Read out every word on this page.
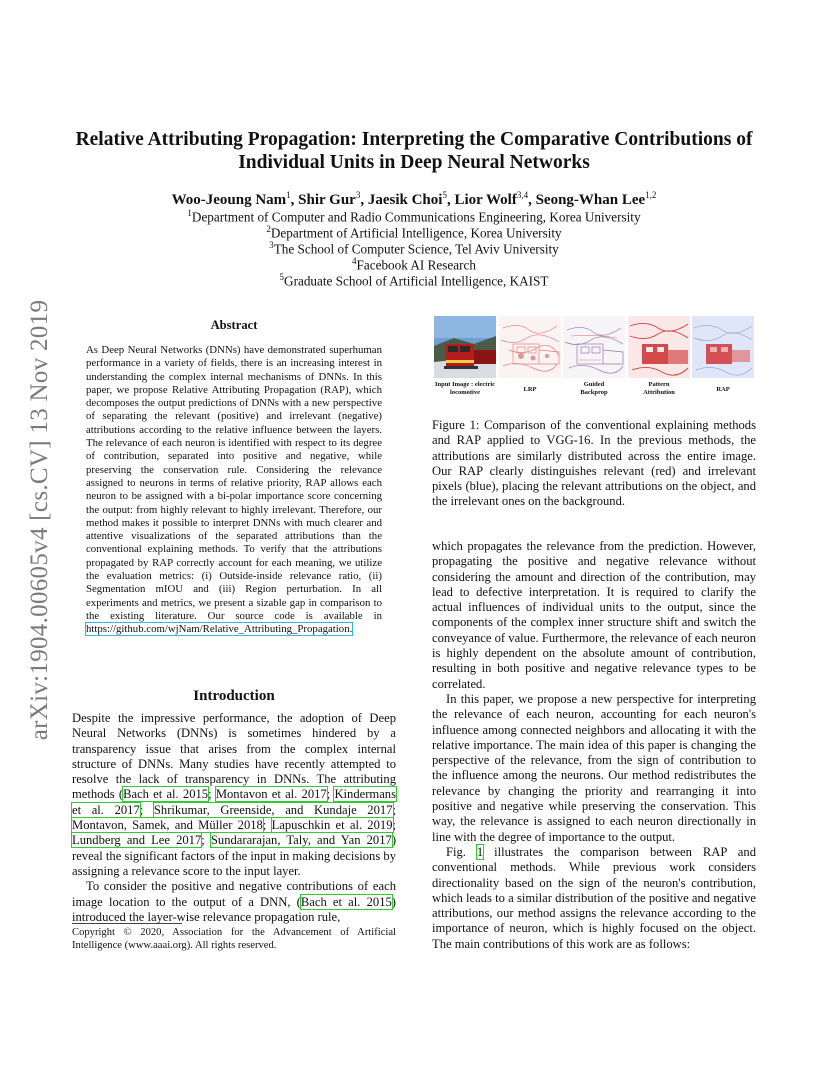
arXiv:1904.00605v4 [cs.CV] 13 Nov 2019
Relative Attributing Propagation: Interpreting the Comparative Contributions of Individual Units in Deep Neural Networks
Woo-Jeoung Nam$^1$, Shir Gur$^3$, Jaesik Choi$^5$, Lior Wolf$^{3,4}$, Seong-Whan Lee$^{1,2}$
$^1$Department of Computer and Radio Communications Engineering, Korea University
$^2$Department of Artificial Intelligence, Korea University
$^3$The School of Computer Science, Tel Aviv University
$^4$Facebook AI Research
$^5$Graduate School of Artificial Intelligence, KAIST
Abstract
As Deep Neural Networks (DNNs) have demonstrated superhuman performance in a variety of fields, there is an increasing interest in understanding the complex internal mechanisms of DNNs. In this paper, we propose Relative Attributing Propagation (RAP), which decomposes the output predictions of DNNs with a new perspective of separating the relevant (positive) and irrelevant (negative) attributions according to the relative influence between the layers. The relevance of each neuron is identified with respect to its degree of contribution, separated into positive and negative, while preserving the conservation rule. Considering the relevance assigned to neurons in terms of relative priority, RAP allows each neuron to be assigned with a bi-polar importance score concerning the output: from highly relevant to highly irrelevant. Therefore, our method makes it possible to interpret DNNs with much clearer and attentive visualizations of the separated attributions than the conventional explaining methods. To verify that the attributions propagated by RAP correctly account for each meaning, we utilize the evaluation metrics: (i) Outside-inside relevance ratio, (ii) Segmentation mIOU and (iii) Region perturbation. In all experiments and metrics, we present a sizable gap in comparison to the existing literature. Our source code is available in https://github.com/wjNam/Relative_Attributing_Propagation.
Introduction

Despite the impressive performance, the adoption of Deep Neural Networks (DNNs) is sometimes hindered by a transparency issue that arises from the complex internal structure of DNNs. Many studies have recently attempted to resolve the lack of transparency in DNNs. The attributing methods (Bach et al. 2015; Montavon et al. 2017; Kindermans et al. 2017; Shrikumar, Greenside, and Kundaje 2017; Montavon, Samek, and Müller 2018; Lapuschkin et al. 2019; Lundberg and Lee 2017; Sundararajan, Taly, and Yan 2017) reveal the significant factors of the input in making decisions by assigning a relevance score to the input layer.

To consider the positive and negative contributions of each image location to the output of a DNN, (Bach et al. 2015) introduced the layer-wise relevance propagation rule,

Copyright © 2020, Association for the Advancement of Artificial Intelligence (www.aaai.org). All rights reserved.
Input Image : electric locomotive	LRP
Guided Backprop
Pattern Attribution	RAP
Figure 1: Comparison of the conventional explaining methods and RAP applied to VGG-16. In the previous methods, the attributions are similarly distributed across the entire image. Our RAP clearly distinguishes relevant (red) and irrelevant pixels (blue), placing the relevant attributions on the object, and the irrelevant ones on the background.

which propagates the relevance from the prediction. However, propagating the positive and negative relevance without considering the amount and direction of the contribution, may lead to defective interpretation. It is required to clarify the actual influences of individual units to the output, since the components of the complex inner structure shift and switch the conveyance of value. Furthermore, the relevance of each neuron is highly dependent on the absolute amount of contribution, resulting in both positive and negative relevance types to be correlated.

In this paper, we propose a new perspective for interpreting the relevance of each neuron, accounting for each neuron's influence among connected neighbors and allocating it with the relative importance. The main idea of this paper is changing the perspective of the relevance, from the sign of contribution to the influence among the neurons. Our method redistributes the relevance by changing the priority and rearranging it into positive and negative while preserving the conservation. This way, the relevance is assigned to each neuron directionally in line with the degree of importance to the output.

Fig. 1 illustrates the comparison between RAP and conventional methods. While previous work considers directionality based on the sign of the neuron's contribution, which leads to a similar distribution of the positive and negative attributions, our method assigns the relevance according to the importance of neuron, which is highly focused on the object. The main contributions of this work are as follows:
